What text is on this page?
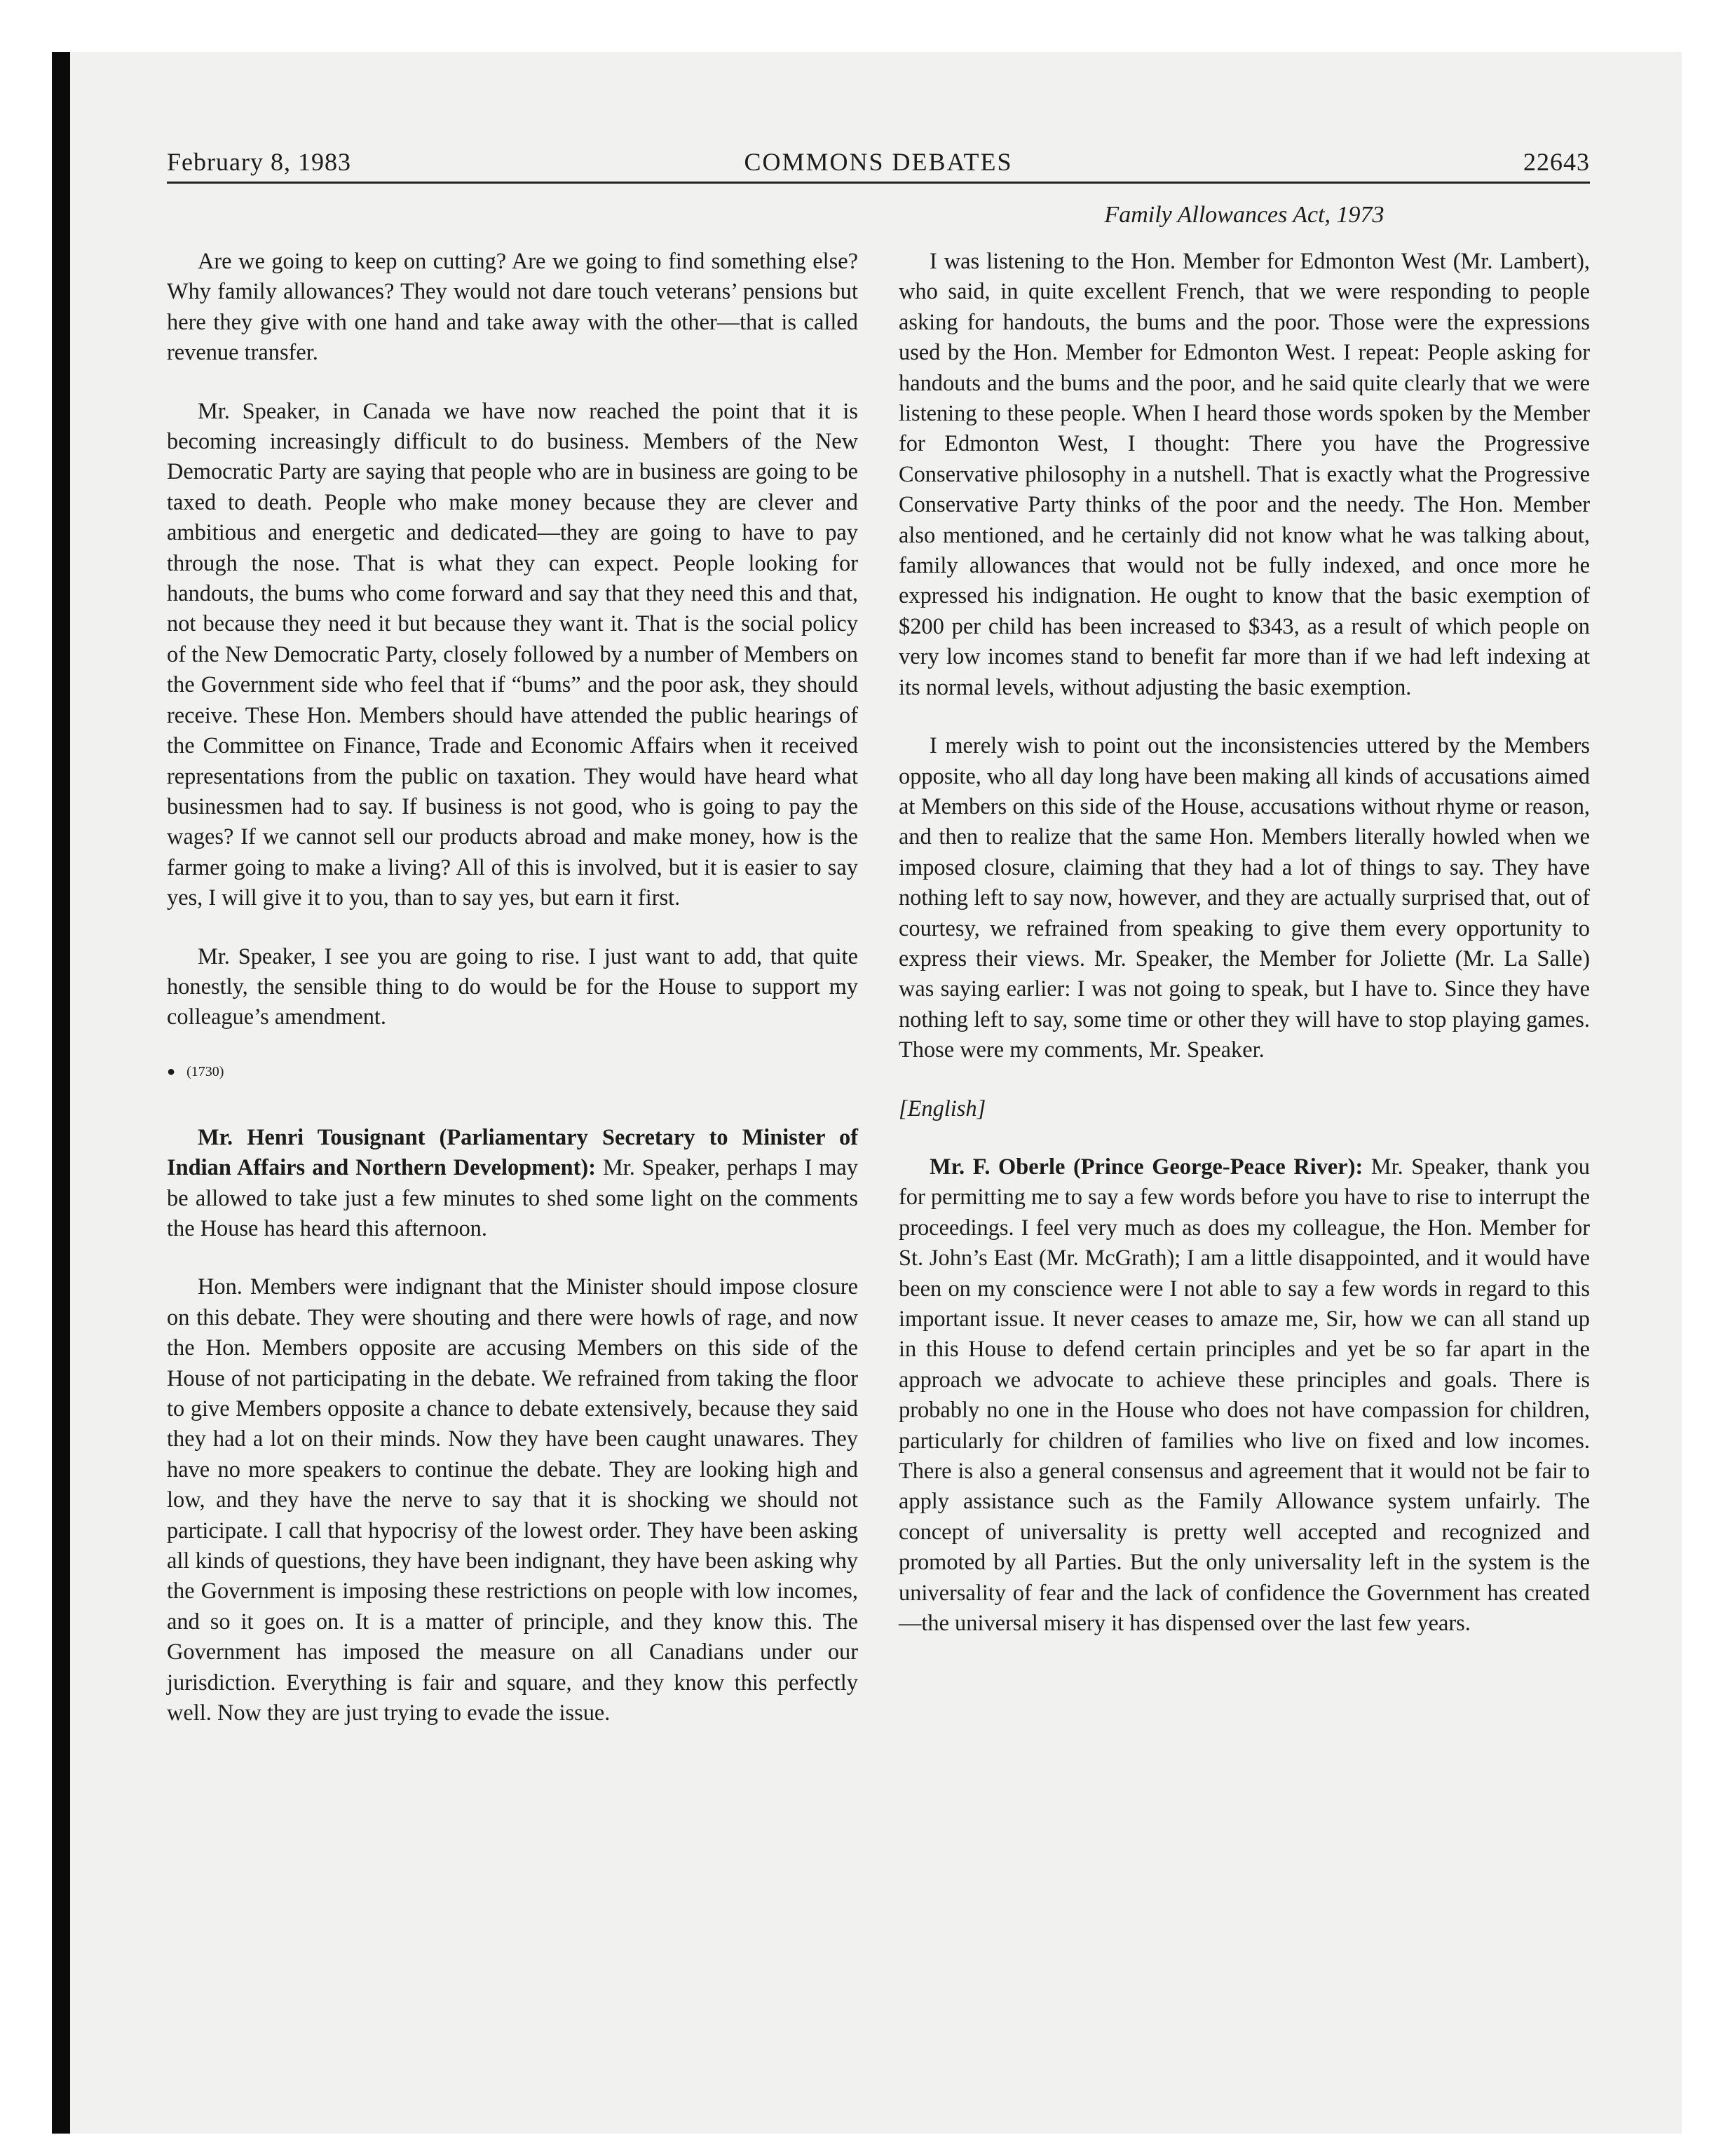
February 8, 1983	COMMONS DEBATES	22643
Family Allowances Act, 1973

Are we going to keep on cutting? Are we going to find something else? Why family allowances? They would not dare touch veterans’ pensions but here they give with one hand and take away with the other—that is called revenue transfer.

Mr. Speaker, in Canada we have now reached the point that it is becoming increasingly difficult to do business. Members of the New Democratic Party are saying that people who are in business are going to be taxed to death. People who make money because they are clever and ambitious and energetic and dedicated—they are going to have to pay through the nose. That is what they can expect. People looking for handouts, the bums who come forward and say that they need this and that, not because they need it but because they want it. That is the social policy of the New Democratic Party, closely followed by a number of Members on the Government side who feel that if “bums” and the poor ask, they should receive. These Hon. Members should have attended the public hearings of the Committee on Finance, Trade and Economic Affairs when it received representations from the public on taxation. They would have heard what businessmen had to say. If business is not good, who is going to pay the wages? If we cannot sell our products abroad and make money, how is the farmer going to make a living? All of this is involved, but it is easier to say yes, I will give it to you, than to say yes, but earn it first.

Mr. Speaker, I see you are going to rise. I just want to add, that quite honestly, the sensible thing to do would be for the House to support my colleague’s amendment.

● (1730)

Mr. Henri Tousignant (Parliamentary Secretary to Minister of Indian Affairs and Northern Development): Mr. Speaker, perhaps I may be allowed to take just a few minutes to shed some light on the comments the House has heard this afternoon.

Hon. Members were indignant that the Minister should impose closure on this debate. They were shouting and there were howls of rage, and now the Hon. Members opposite are accusing Members on this side of the House of not participating in the debate. We refrained from taking the floor to give Members opposite a chance to debate extensively, because they said they had a lot on their minds. Now they have been caught unawares. They have no more speakers to continue the debate. They are looking high and low, and they have the nerve to say that it is shocking we should not participate. I call that hypocrisy of the lowest order. They have been asking all kinds of questions, they have been indignant, they have been asking why the Government is imposing these restrictions on people with low incomes, and so it goes on. It is a matter of principle, and they know this. The Government has imposed the measure on all Canadians under our jurisdiction. Everything is fair and square, and they know this perfectly well. Now they are just trying to evade the issue.

I was listening to the Hon. Member for Edmonton West (Mr. Lambert), who said, in quite excellent French, that we were responding to people asking for handouts, the bums and the poor. Those were the expressions used by the Hon. Member for Edmonton West. I repeat: People asking for handouts and the bums and the poor, and he said quite clearly that we were listening to these people. When I heard those words spoken by the Member for Edmonton West, I thought: There you have the Progressive Conservative philosophy in a nutshell. That is exactly what the Progressive Conservative Party thinks of the poor and the needy. The Hon. Member also mentioned, and he certainly did not know what he was talking about, family allowances that would not be fully indexed, and once more he expressed his indignation. He ought to know that the basic exemption of $200 per child has been increased to $343, as a result of which people on very low incomes stand to benefit far more than if we had left indexing at its normal levels, without adjusting the basic exemption.

I merely wish to point out the inconsistencies uttered by the Members opposite, who all day long have been making all kinds of accusations aimed at Members on this side of the House, accusations without rhyme or reason, and then to realize that the same Hon. Members literally howled when we imposed closure, claiming that they had a lot of things to say. They have nothing left to say now, however, and they are actually surprised that, out of courtesy, we refrained from speaking to give them every opportunity to express their views. Mr. Speaker, the Member for Joliette (Mr. La Salle) was saying earlier: I was not going to speak, but I have to. Since they have nothing left to say, some time or other they will have to stop playing games. Those were my comments, Mr. Speaker.

[English]

Mr. F. Oberle (Prince George-Peace River): Mr. Speaker, thank you for permitting me to say a few words before you have to rise to interrupt the proceedings. I feel very much as does my colleague, the Hon. Member for St. John’s East (Mr. McGrath); I am a little disappointed, and it would have been on my conscience were I not able to say a few words in regard to this important issue. It never ceases to amaze me, Sir, how we can all stand up in this House to defend certain principles and yet be so far apart in the approach we advocate to achieve these principles and goals. There is probably no one in the House who does not have compassion for children, particularly for children of families who live on fixed and low incomes. There is also a general consensus and agreement that it would not be fair to apply assistance such as the Family Allowance system unfairly. The concept of universality is pretty well accepted and recognized and promoted by all Parties. But the only universality left in the system is the universality of fear and the lack of confidence the Government has created—the universal misery it has dispensed over the last few years.
